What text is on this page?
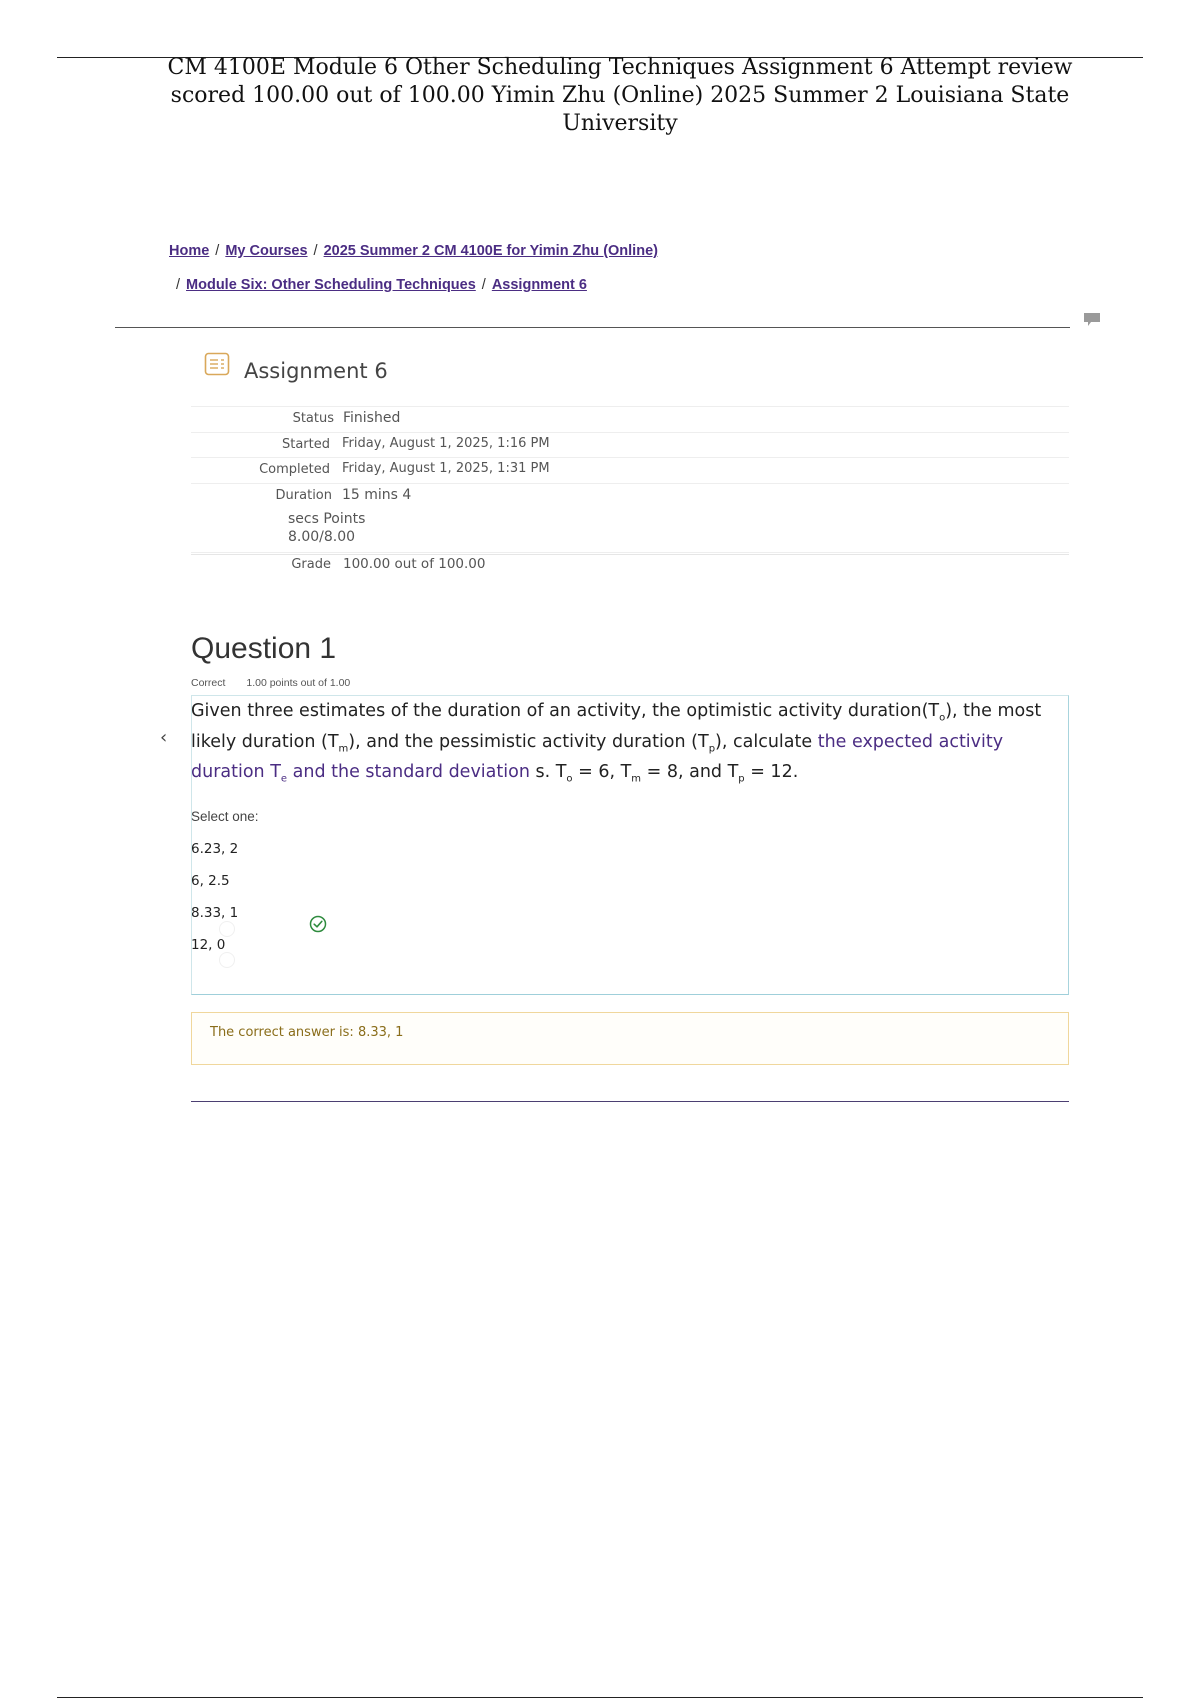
CM 4100E Module 6 Other Scheduling Techniques Assignment 6 Attempt review scored 100.00 out of 100.00 Yimin Zhu (Online) 2025 Summer 2 Louisiana State University
Home / My Courses / 2025 Summer 2 CM 4100E for Yimin Zhu (Online)
/ Module Six: Other Scheduling Techniques / Assignment 6
Assignment 6
Status Finished
Started Friday, August 1, 2025, 1:16 PM
Completed Friday, August 1, 2025, 1:31 PM
Duration 15 mins 4
secs Points
8.00/8.00
Grade 100.00 out of 100.00
Question 1
Correct 1.00 points out of 1.00
‹
Given three estimates of the duration of an activity, the optimistic activity $duration(T_o)$, the most likely duration $(T_m)$, and the pessimistic activity duration $(T_p)$, calculate the expected activity duration $T_e$ and the standard deviation s. $T_o = 6$, $T_m = 8$, and $T_p = 12$.
Select one:
6.23, 2
6, 2.5
8.33, 1
12, 0
The correct answer is: 8.33, 1
